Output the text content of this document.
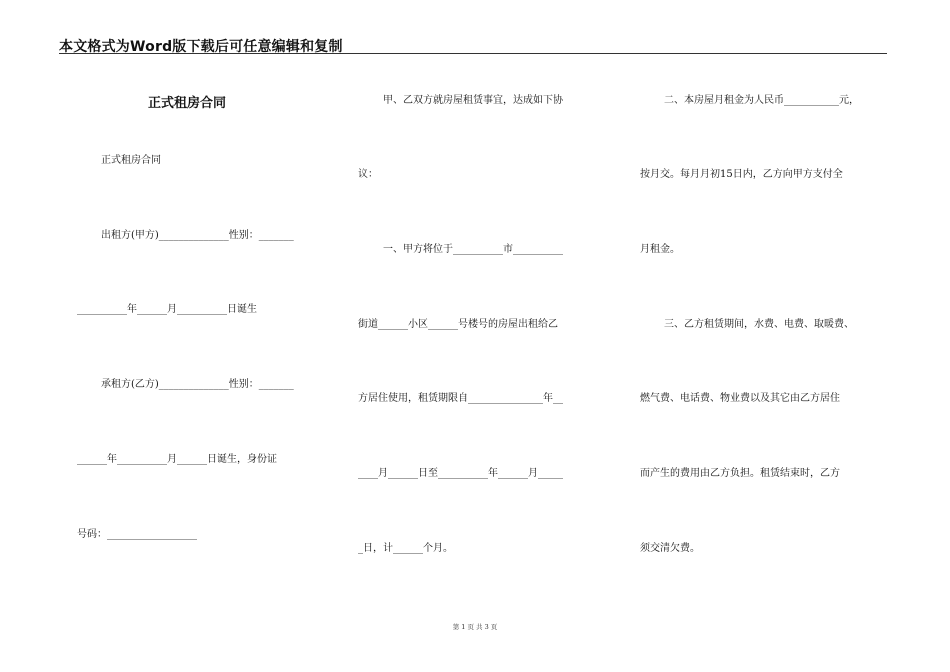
本文格式为Word版下载后可任意编辑和复制
正式租房合同
正式租房合同
出租方(甲方)______________性别：_______
__________年______月__________日诞生
承租方(乙方)______________性别：_______
______年__________月______日诞生，身份证
号码：__________________
甲、乙双方就房屋租赁事宜，达成如下协
议：
一、甲方将位于__________市__________
街道______小区______号楼号的房屋出租给乙
方居住使用，租赁期限自_______________年__
____月______日至__________年______月_____
_日，计______个月。
二、本房屋月租金为人民币___________元，
按月交。每月月初15日内，乙方向甲方支付全
月租金。
三、乙方租赁期间，水费、电费、取暖费、
燃气费、电话费、物业费以及其它由乙方居住
而产生的费用由乙方负担。租赁结束时，乙方
须交清欠费。
第 1 页 共 3 页
